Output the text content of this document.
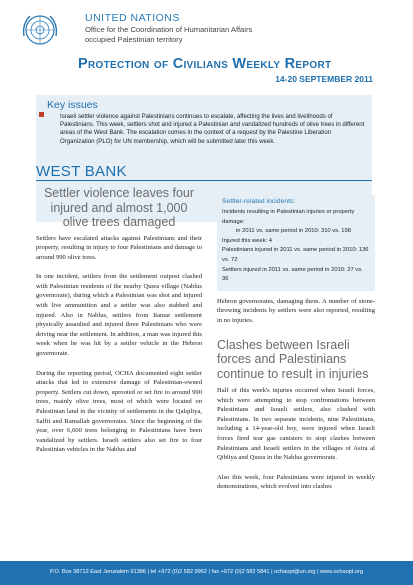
UNITED NATIONS
Office for the Coordination of Humanitarian Affairs
occupied Palestinian territory
Protection of Civilians Weekly Report
14-20 SEPTEMBER 2011
Key issues
Israeli settler violence against Palestinians continues to escalate, affecting the lives and livelihoods of Palestinians. This week, settlers shot and injured a Palestinian and vandalized hundreds of olive trees in different areas of the West Bank. The escalation comes in the context of a request by the Palestine Liberation Organization (PLO) for UN membership, which will be submitted later this week.
WEST BANK

Settler violence leaves four injured and almost 1,000 olive trees damaged

Settlers have escalated attacks against Palestinians and their property, resulting in injury to four Palestinians and damage to around 990 olive trees.

In one incident, settlers from the settlement outpost clashed with Palestinian residents of the nearby Qusra village (Nablus governorate), during which a Palestinian was shot and injured with live ammunition and a settler was also stabbed and injured. Also in Nablus, settlers from Itamar settlement physically assaulted and injured three Palestinians who were driving near the settlement. In addition, a man was injured this week when he was hit by a settler vehicle in the Hebron governorate.

During the reporting period, OCHA documented eight settler attacks that led to extensive damage of Palestinian-owned property. Settlers cut down, uprooted or set fire to around 990 trees, mainly olive trees, most of which were located on Palestinian land in the vicinity of settlements in the Qalqiliya, Salfit and Ramallah governorates. Since the beginning of the year, over 6,600 trees belonging to Palestinians have been vandalized by settlers. Israeli settlers also set fire to four Palestinian vehicles in the Nablus and

Settler-related incidents:
Incidents resulting in Palestinian injuries or property damage:
in 2011 vs. same period in 2010: 310 vs. 198
Injured this week: 4
Palestinians injured in 2011 vs. same period in 2010: 136 vs. 72
Settlers injured in 2011 vs. same period in 2010: 27 vs. 36

Hebron governorates, damaging them. A number of stone-throwing incidents by settlers were also reported, resulting in no injuries.

Clashes between Israeli forces and Palestinians continue to result in injuries

Half of this week's injuries occurred when Israeli forces, which were attempting to stop confrontations between Palestinians and Israeli settlers, also clashed with Palestinians. In two separate incidents, nine Palestinians, including a 14-year-old boy, were injured when Israeli forces fired tear gas canisters to stop clashes between Palestinians and Israeli settlers in the villages of Asira al Qibliya and Qusra in the Nablus governorate.

Also this week, four Palestinians were injured in weekly demonstrations, which evolved into clashes

P.O. Box 38712 East Jerusalem 91386 | tel +972 (0)2 582 9962 | fax +972 (0)2 582 5841 | ochaopt@un.org | www.ochaopt.org
